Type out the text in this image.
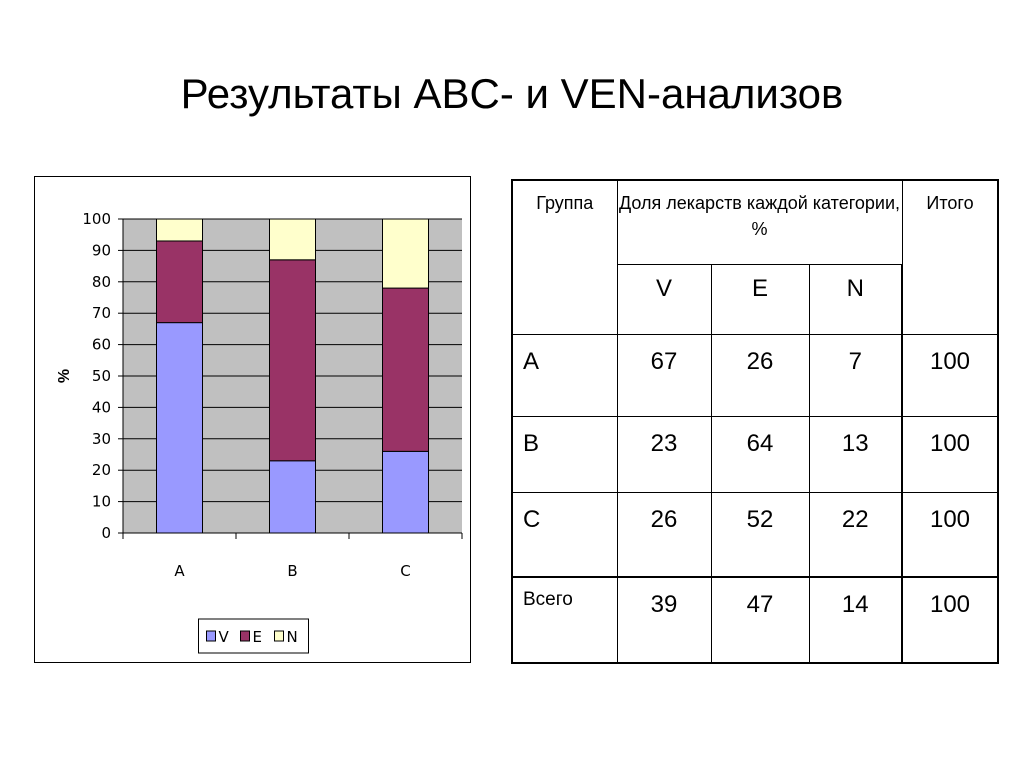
Результаты ABC- и VEN-анализов
0
10
20
30
40
50
60
70
80
90
100
%
A	B	C
V E N
Группа	Доля лекарств каждой категории, %			Итого
	V	E	N	
A	67	26	7	100
B	23	64	13	100
C	26	52	22	100
Всего	39	47	14	100
